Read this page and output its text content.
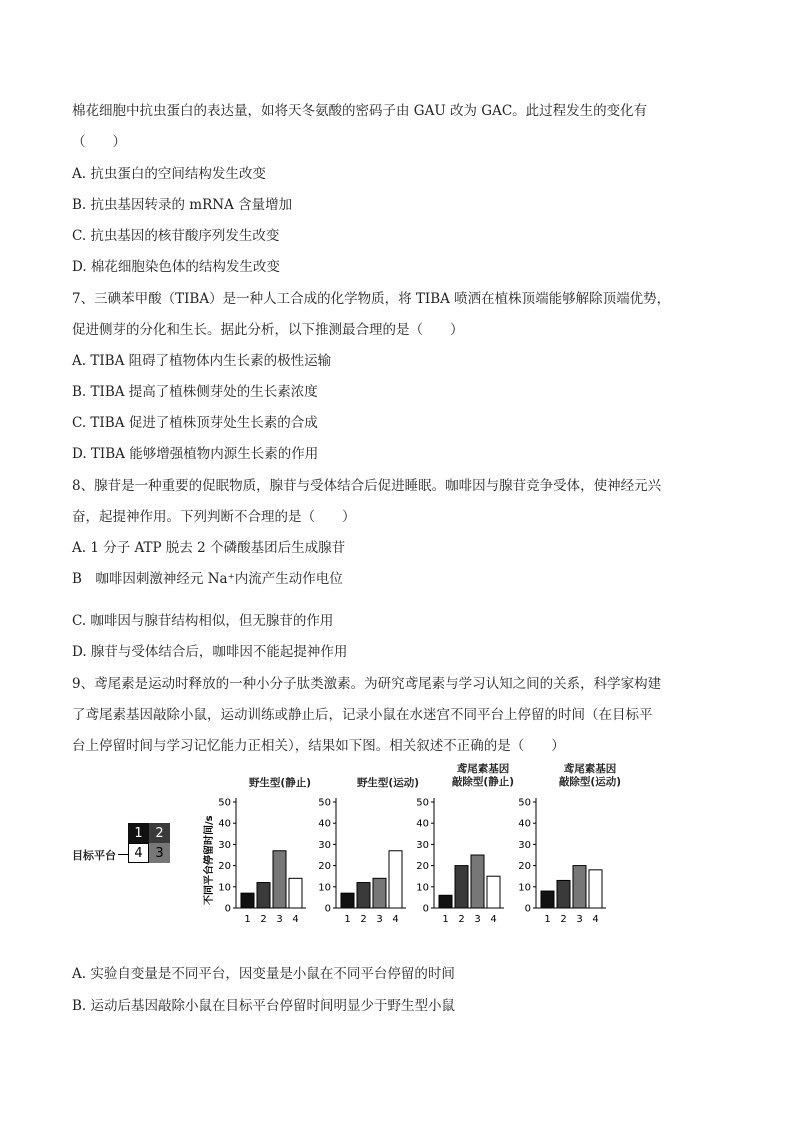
棉花细胞中抗虫蛋白的表达量，如将天冬氨酸的密码子由 GAU 改为 GAC。此过程发生的变化有
（　　）
A. 抗虫蛋白的空间结构发生改变
B. 抗虫基因转录的 mRNA 含量增加
C. 抗虫基因的核苷酸序列发生改变
D. 棉花细胞染色体的结构发生改变
7、三碘苯甲酸（TIBA）是一种人工合成的化学物质，将 TIBA 喷洒在植株顶端能够解除顶端优势，
促进侧芽的分化和生长。据此分析，以下推测最合理的是（　　）
A. TIBA 阻碍了植物体内生长素的极性运输
B. TIBA 提高了植株侧芽处的生长素浓度
C. TIBA 促进了植株顶芽处生长素的合成
D. TIBA 能够增强植物内源生长素的作用
8、腺苷是一种重要的促眠物质，腺苷与受体结合后促进睡眠。咖啡因与腺苷竞争受体，使神经元兴
奋，起提神作用。下列判断不合理的是（　　）
A. 1 分子 ATP 脱去 2 个磷酸基团后生成腺苷
B　咖啡因刺激神经元 Na⁺内流产生动作电位
C. 咖啡因与腺苷结构相似，但无腺苷的作用
D. 腺苷与受体结合后，咖啡因不能起提神作用
9、鸢尾素是运动时释放的一种小分子肽类激素。为研究鸢尾素与学习认知之间的关系，科学家构建
了鸢尾素基因敲除小鼠，运动训练或静止后，记录小鼠在水迷宫不同平台上停留的时间（在目标平
台上停留时间与学习记忆能力正相关），结果如下图。相关叙述不正确的是（　　）
A. 实验自变量是不同平台，因变量是小鼠在不同平台停留的时间
B. 运动后基因敲除小鼠在目标平台停留时间明显少于野生型小鼠
目标平台
1 2
4 3
野生型(静止)	野生型(运动)
鸢尾素基因
敲除型(静止)
鸢尾素基因
敲除型(运动)
不同平台停留时间/s
0
10
20
30
40
50
1 2 3 4
0
10
20
30
40
50
1 2 3 4
0
10
20
30
40
50
1 2 3 4
0
10
20
30
40
50
1 2 3 4
